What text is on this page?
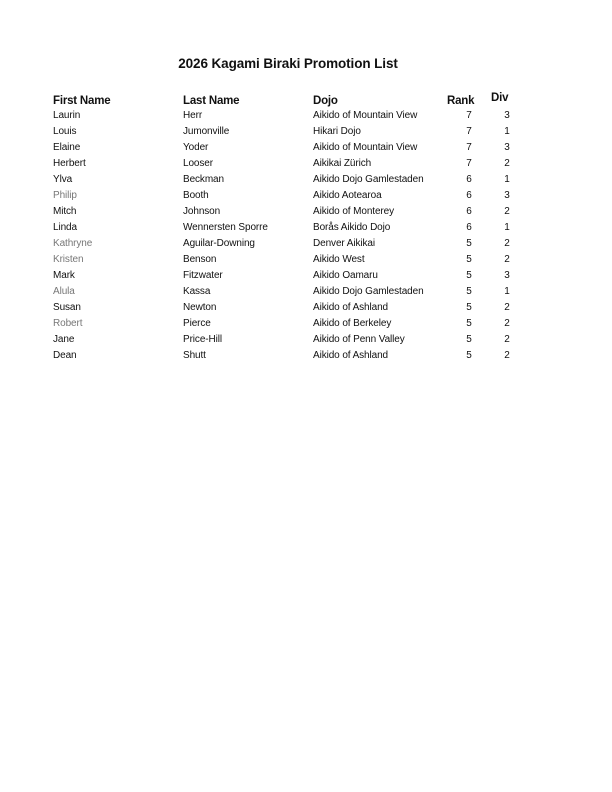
2026 Kagami Biraki Promotion List
First Name	Last Name	Dojo	Rank	Div
Laurin	Herr	Aikido of Mountain View	7	3
Louis	Jumonville	Hikari Dojo	7	1
Elaine	Yoder	Aikido of Mountain View	7	3
Herbert	Looser	Aikikai Zürich	7	2
Ylva	Beckman	Aikido Dojo Gamlestaden	6	1
Philip	Booth	Aikido Aotearoa	6	3
Mitch	Johnson	Aikido of Monterey	6	2
Linda	Wennersten Sporre	Borås Aikido Dojo	6	1
Kathryne	Aguilar-Downing	Denver Aikikai	5	2
Kristen	Benson	Aikido West	5	2
Mark	Fitzwater	Aikido Oamaru	5	3
Alula	Kassa	Aikido Dojo Gamlestaden	5	1
Susan	Newton	Aikido of Ashland	5	2
Robert	Pierce	Aikido of Berkeley	5	2
Jane	Price-Hill	Aikido of Penn Valley	5	2
Dean	Shutt	Aikido of Ashland	5	2
